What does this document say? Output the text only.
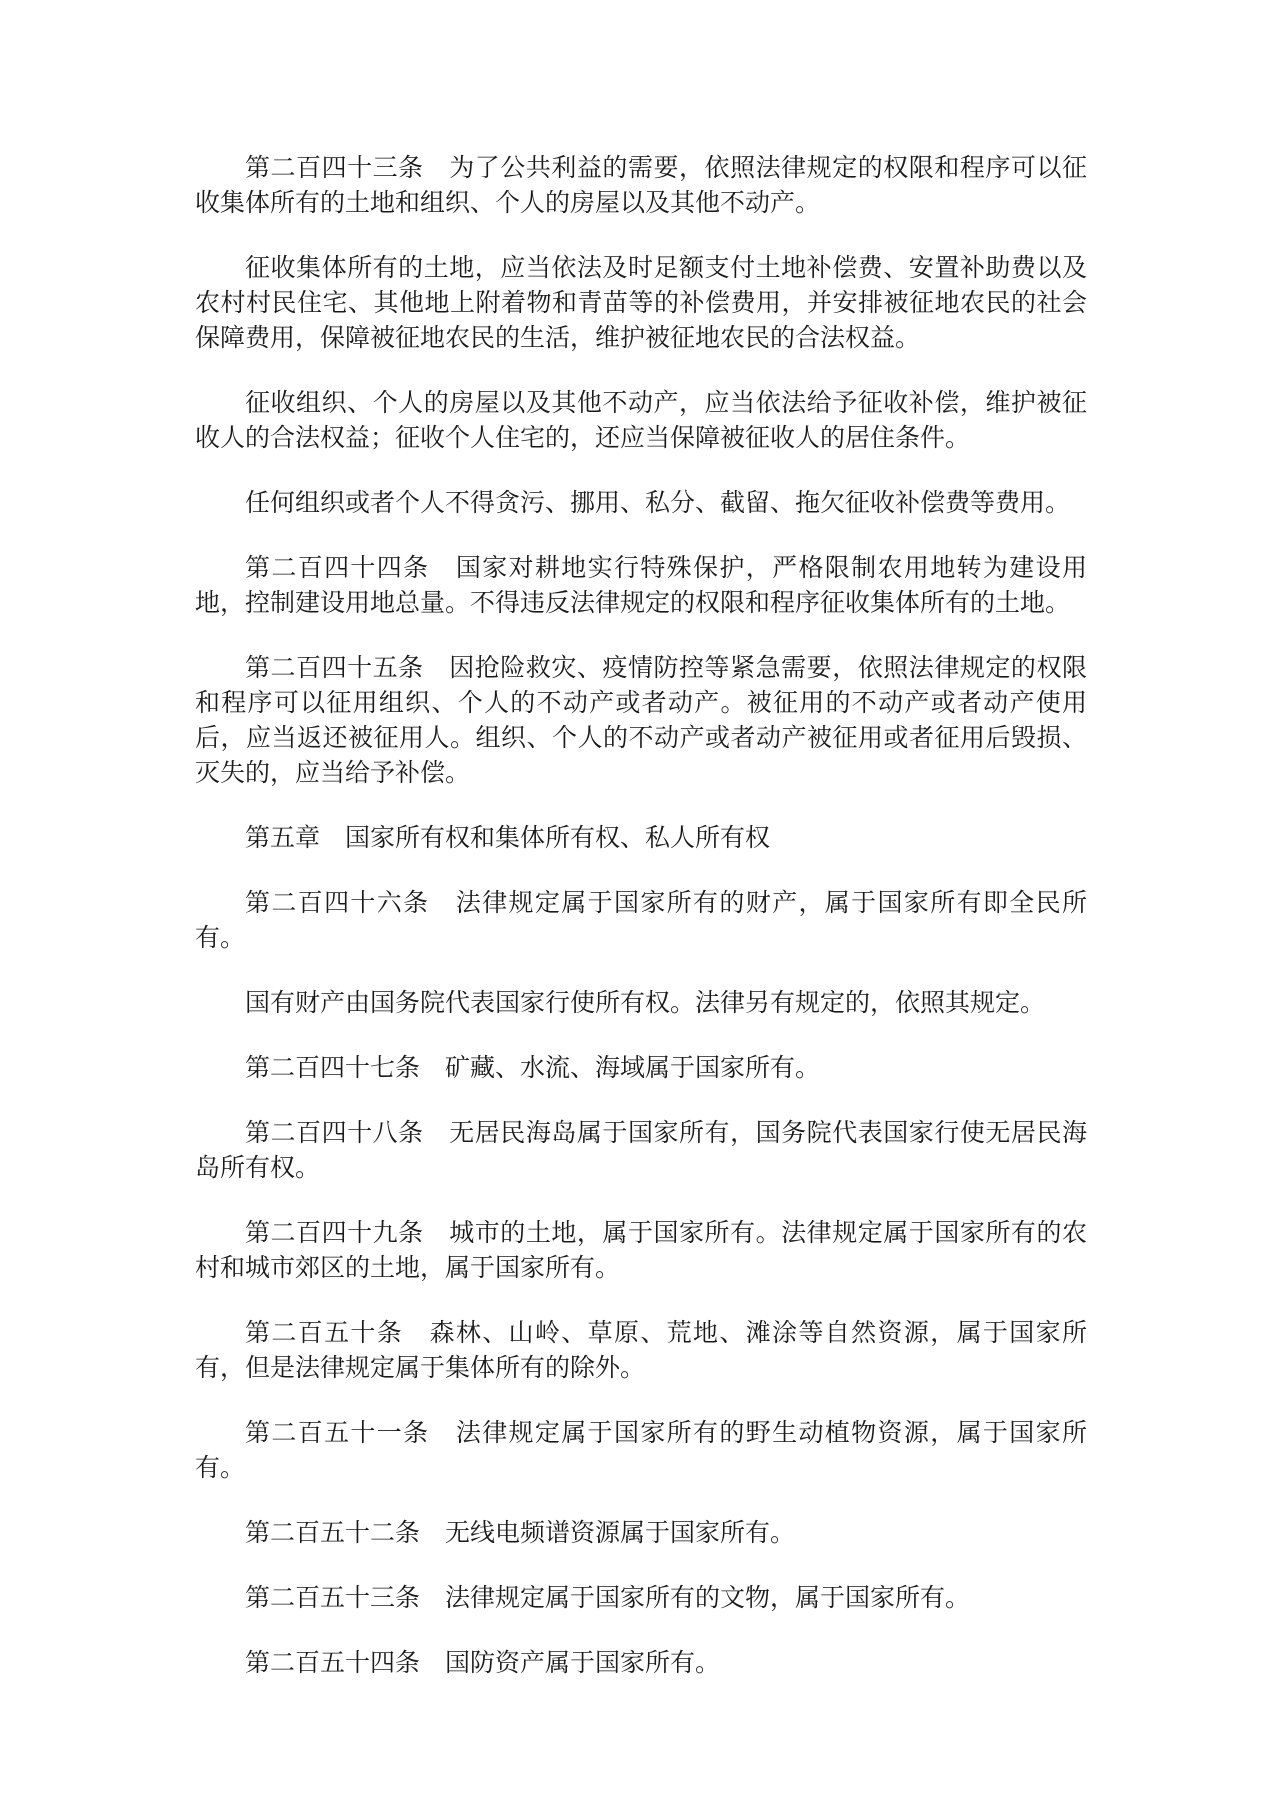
第二百四十三条　为了公共利益的需要，依照法律规定的权限和程序可以征收集体所有的土地和组织、个人的房屋以及其他不动产。

征收集体所有的土地，应当依法及时足额支付土地补偿费、安置补助费以及农村村民住宅、其他地上附着物和青苗等的补偿费用，并安排被征地农民的社会保障费用，保障被征地农民的生活，维护被征地农民的合法权益。

征收组织、个人的房屋以及其他不动产，应当依法给予征收补偿，维护被征收人的合法权益；征收个人住宅的，还应当保障被征收人的居住条件。

任何组织或者个人不得贪污、挪用、私分、截留、拖欠征收补偿费等费用。

第二百四十四条　国家对耕地实行特殊保护，严格限制农用地转为建设用地，控制建设用地总量。不得违反法律规定的权限和程序征收集体所有的土地。

第二百四十五条　因抢险救灾、疫情防控等紧急需要，依照法律规定的权限和程序可以征用组织、个人的不动产或者动产。被征用的不动产或者动产使用后，应当返还被征用人。组织、个人的不动产或者动产被征用或者征用后毁损、灭失的，应当给予补偿。

第五章　国家所有权和集体所有权、私人所有权

第二百四十六条　法律规定属于国家所有的财产，属于国家所有即全民所有。

国有财产由国务院代表国家行使所有权。法律另有规定的，依照其规定。

第二百四十七条　矿藏、水流、海域属于国家所有。

第二百四十八条　无居民海岛属于国家所有，国务院代表国家行使无居民海岛所有权。

第二百四十九条　城市的土地，属于国家所有。法律规定属于国家所有的农村和城市郊区的土地，属于国家所有。

第二百五十条　森林、山岭、草原、荒地、滩涂等自然资源，属于国家所有，但是法律规定属于集体所有的除外。

第二百五十一条　法律规定属于国家所有的野生动植物资源，属于国家所有。

第二百五十二条　无线电频谱资源属于国家所有。

第二百五十三条　法律规定属于国家所有的文物，属于国家所有。

第二百五十四条　国防资产属于国家所有。
